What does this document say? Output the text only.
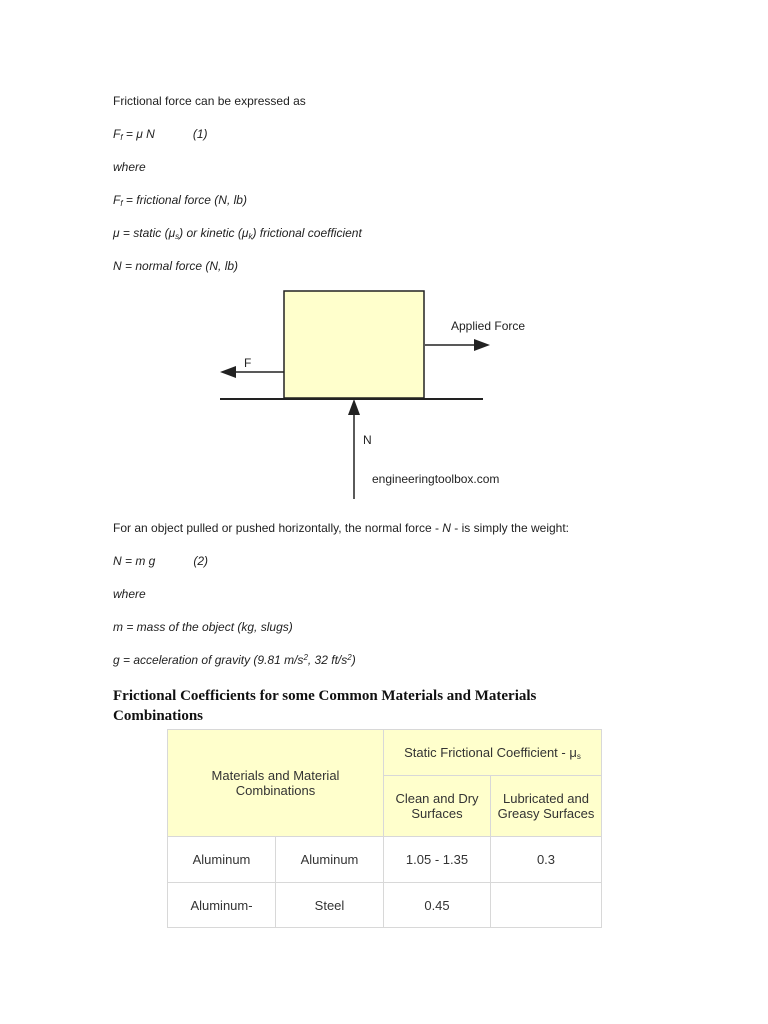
Frictional force can be expressed as
$F_f = \mu$ N	(1)
where
$F_f$ = frictional force (N, lb)
μ = static $(\mu_s)$ or kinetic $(\mu_k)$ frictional coefficient
N = normal force (N, lb)
Applied Force
F
N
engineeringtoolbox.com
For an object pulled or pushed horizontally, the normal force - N - is simply the weight:
N = m g	(2)
where
m = mass of the object (kg, slugs)
g = acceleration of gravity (9.81 $m/s^2$, 32 $ft/s^2$)
Frictional Coefficients for some Common Materials and Materials Combinations
Materials and Material Combinations		Static Frictional Coefficient - $\mu_s$
		Clean and Dry Surfaces	Lubricated and Greasy Surfaces
Aluminum	Aluminum	1.05 - 1.35	0.3
Aluminum-	Steel	0.45	
